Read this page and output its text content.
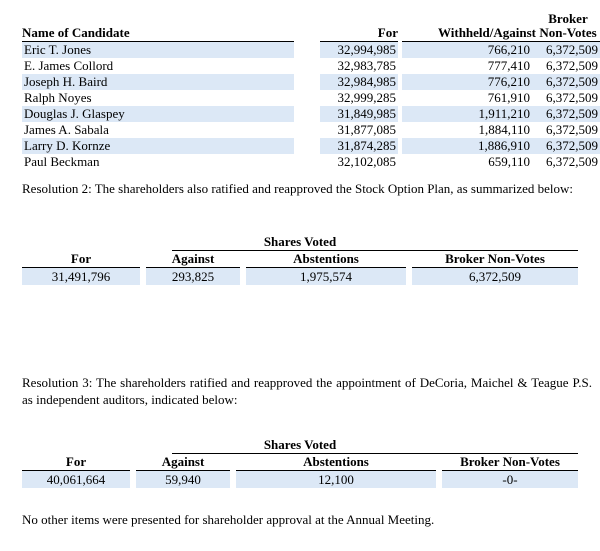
Name of Candidate	For	Withheld/Against
Broker
Non-Votes
Eric T. Jones	32,994,985	766,210	6,372,509
E. James Collord	32,983,785	777,410	6,372,509
Joseph H. Baird	32,984,985	776,210	6,372,509
Ralph Noyes	32,999,285	761,910	6,372,509
Douglas J. Glaspey	31,849,985	1,911,210	6,372,509
James A. Sabala	31,877,085	1,884,110	6,372,509
Larry D. Kornze	31,874,285	1,886,910	6,372,509
Paul Beckman	32,102,085	659,110	6,372,509
Resolution 2: The shareholders also ratified and reapproved the Stock Option Plan, as summarized below:
Shares Voted
For	Against	Abstentions	Broker Non-Votes
31,491,796	293,825	1,975,574	6,372,509
Resolution 3: The shareholders ratified and reapproved the appointment of DeCoria, Maichel & Teague P.S. as independent auditors, indicated below:
Shares Voted
For	Against	Abstentions	Broker Non-Votes
40,061,664	59,940	12,100	-0-
No other items were presented for shareholder approval at the Annual Meeting.
